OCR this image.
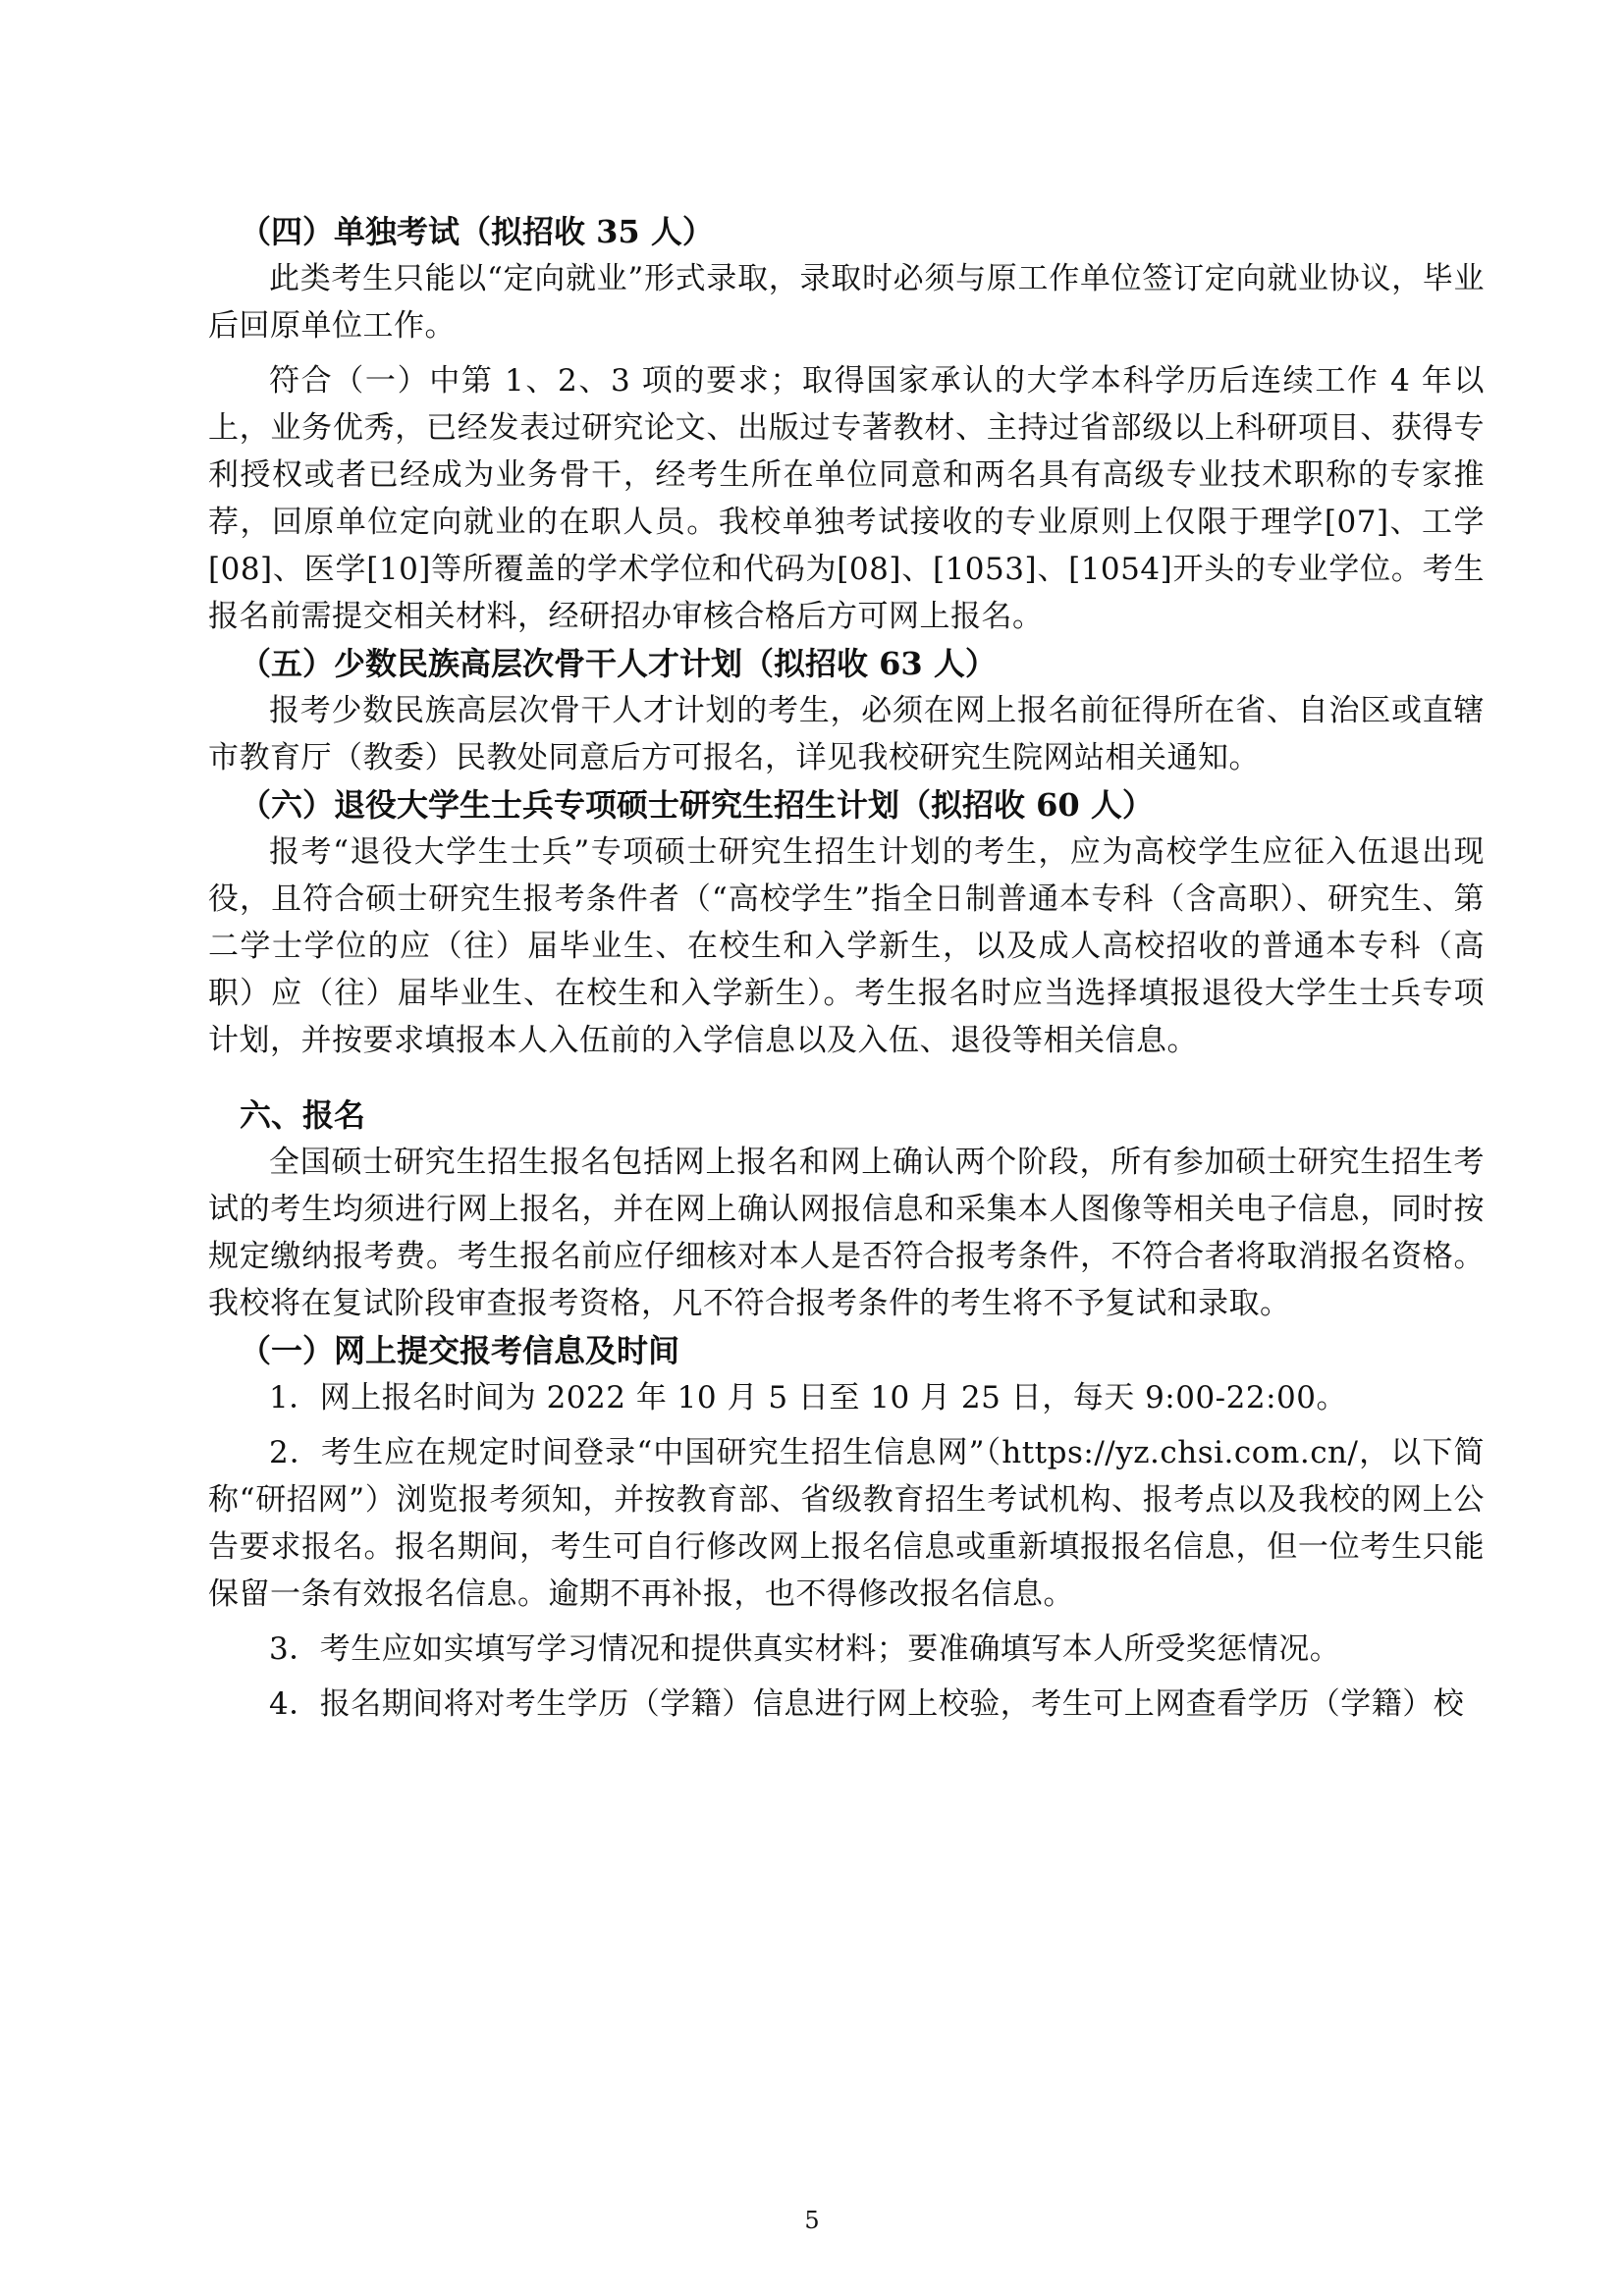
（四）单独考试（拟招收 35 人）

此类考生只能以“定向就业”形式录取，录取时必须与原工作单位签订定向就业协议，毕业后回原单位工作。

符合（一）中第 1、2、3 项的要求；取得国家承认的大学本科学历后连续工作 4 年以上，业务优秀，已经发表过研究论文、出版过专著教材、主持过省部级以上科研项目、获得专利授权或者已经成为业务骨干，经考生所在单位同意和两名具有高级专业技术职称的专家推荐，回原单位定向就业的在职人员。我校单独考试接收的专业原则上仅限于理学[07]、工学[08]、医学[10]等所覆盖的学术学位和代码为[08]、[1053]、[1054]开头的专业学位。考生报名前需提交相关材料，经研招办审核合格后方可网上报名。

（五）少数民族高层次骨干人才计划（拟招收 63 人）

报考少数民族高层次骨干人才计划的考生，必须在网上报名前征得所在省、自治区或直辖市教育厅（教委）民教处同意后方可报名，详见我校研究生院网站相关通知。

（六）退役大学生士兵专项硕士研究生招生计划（拟招收 60 人）

报考“退役大学生士兵”专项硕士研究生招生计划的考生，应为高校学生应征入伍退出现役，且符合硕士研究生报考条件者（“高校学生”指全日制普通本专科（含高职）、研究生、第二学士学位的应（往）届毕业生、在校生和入学新生，以及成人高校招收的普通本专科（高职）应（往）届毕业生、在校生和入学新生）。考生报名时应当选择填报退役大学生士兵专项计划，并按要求填报本人入伍前的入学信息以及入伍、退役等相关信息。

六、报名

全国硕士研究生招生报名包括网上报名和网上确认两个阶段，所有参加硕士研究生招生考试的考生均须进行网上报名，并在网上确认网报信息和采集本人图像等相关电子信息，同时按规定缴纳报考费。考生报名前应仔细核对本人是否符合报考条件，不符合者将取消报名资格。我校将在复试阶段审查报考资格，凡不符合报考条件的考生将不予复试和录取。

（一）网上提交报考信息及时间

1．网上报名时间为 2022 年 10 月 5 日至 10 月 25 日，每天 9:00-22:00。

2．考生应在规定时间登录“中国研究生招生信息网”（https://yz.chsi.com.cn/，以下简称“研招网”）浏览报考须知，并按教育部、省级教育招生考试机构、报考点以及我校的网上公告要求报名。报名期间，考生可自行修改网上报名信息或重新填报报名信息，但一位考生只能保留一条有效报名信息。逾期不再补报，也不得修改报名信息。

3．考生应如实填写学习情况和提供真实材料；要准确填写本人所受奖惩情况。

4．报名期间将对考生学历（学籍）信息进行网上校验，考生可上网查看学历（学籍）校

5
